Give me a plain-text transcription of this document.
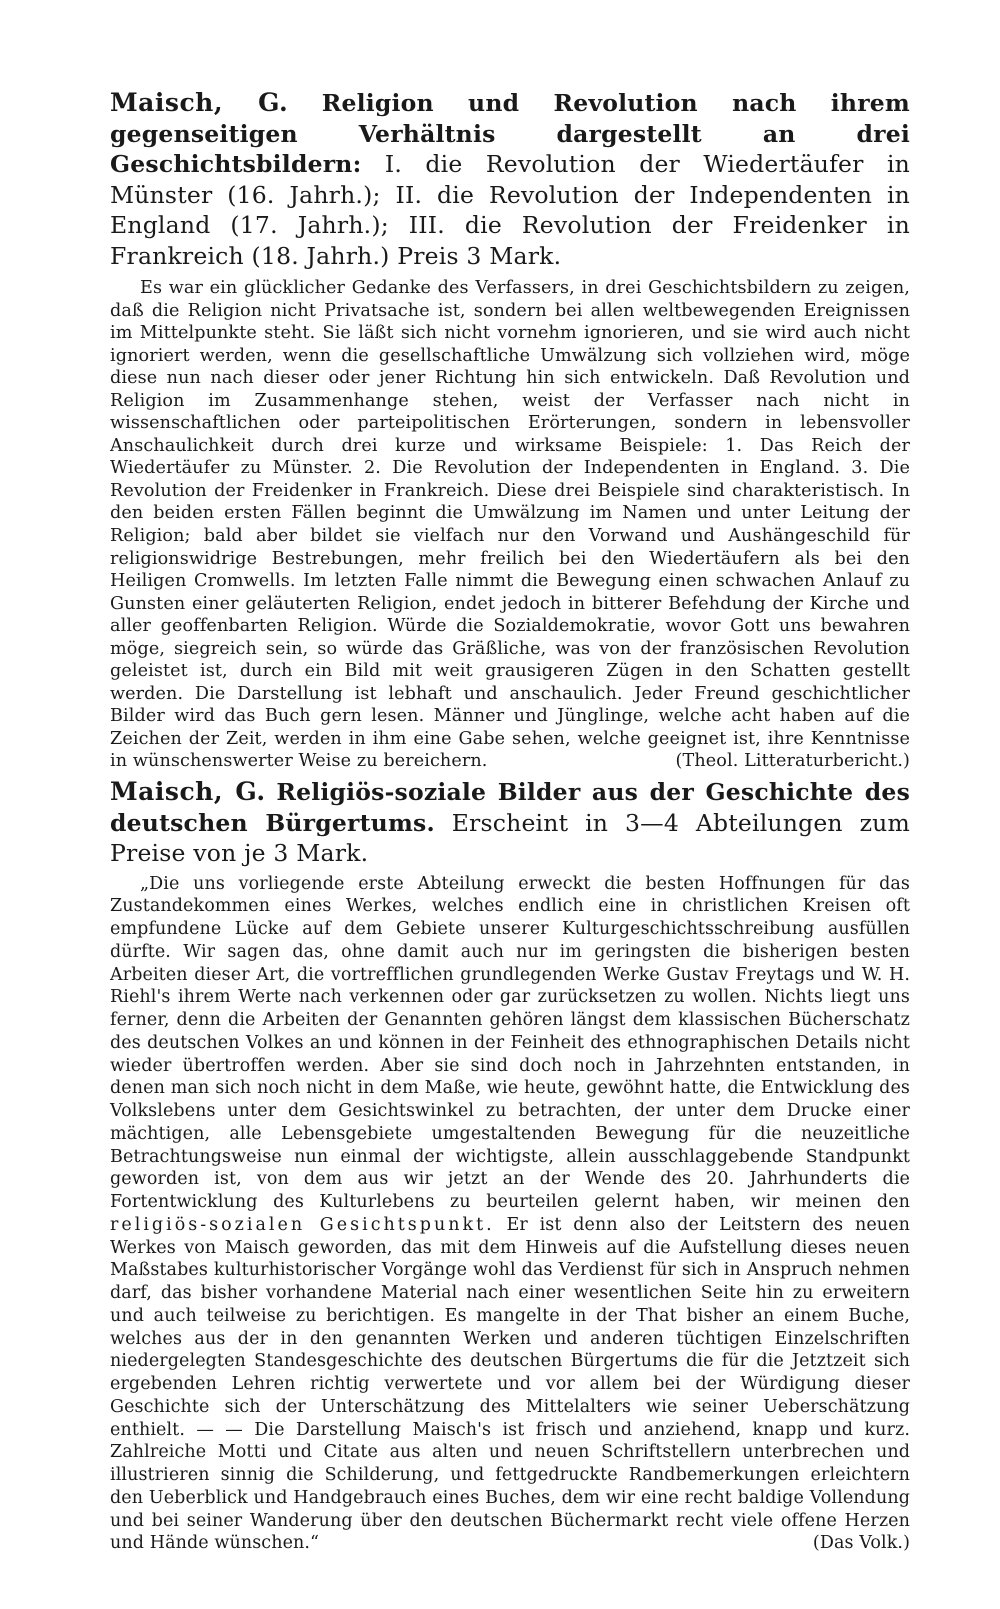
Maisch, G. Religion und Revolution nach ihrem gegenseitigen Verhältnis dargestellt an drei Geschichtsbildern: I. die Revolution der Wiedertäufer in Münster (16. Jahrh.); II. die Revolution der Independenten in England (17. Jahrh.); III. die Revolution der Freidenker in Frankreich (18. Jahrh.) Preis 3 Mark.

Es war ein glücklicher Gedanke des Verfassers, in drei Geschichtsbildern zu zeigen, daß die Religion nicht Privatsache ist, sondern bei allen weltbewegenden Ereignissen im Mittelpunkte steht. Sie läßt sich nicht vornehm ignorieren, und sie wird auch nicht ignoriert werden, wenn die gesellschaftliche Umwälzung sich vollziehen wird, möge diese nun nach dieser oder jener Richtung hin sich entwickeln. Daß Revolution und Religion im Zusammenhange stehen, weist der Verfasser nach nicht in wissenschaftlichen oder parteipolitischen Erörterungen, sondern in lebensvoller Anschaulichkeit durch drei kurze und wirksame Beispiele: 1. Das Reich der Wiedertäufer zu Münster. 2. Die Revolution der Independenten in England. 3. Die Revolution der Freidenker in Frankreich. Diese drei Beispiele sind charakteristisch. In den beiden ersten Fällen beginnt die Umwälzung im Namen und unter Leitung der Religion; bald aber bildet sie vielfach nur den Vorwand und Aushängeschild für religionswidrige Bestrebungen, mehr freilich bei den Wiedertäufern als bei den Heiligen Cromwells. Im letzten Falle nimmt die Bewegung einen schwachen Anlauf zu Gunsten einer geläuterten Religion, endet jedoch in bitterer Befehdung der Kirche und aller geoffenbarten Religion. Würde die Sozialdemokratie, wovor Gott uns bewahren möge, siegreich sein, so würde das Gräßliche, was von der französischen Revolution geleistet ist, durch ein Bild mit weit grausigeren Zügen in den Schatten gestellt werden. Die Darstellung ist lebhaft und anschaulich. Jeder Freund geschichtlicher Bilder wird das Buch gern lesen. Männer und Jünglinge, welche acht haben auf die Zeichen der Zeit, werden in ihm eine Gabe sehen, welche geeignet ist, ihre Kenntnisse in wünschenswerter Weise zu bereichern.	(Theol. Litteraturbericht.)

Maisch, G. Religiös-soziale Bilder aus der Geschichte des deutschen Bürgertums. Erscheint in 3—4 Abteilungen zum Preise von je 3 Mark.

„Die uns vorliegende erste Abteilung erweckt die besten Hoffnungen für das Zustandekommen eines Werkes, welches endlich eine in christlichen Kreisen oft empfundene Lücke auf dem Gebiete unserer Kulturgeschichtsschreibung ausfüllen dürfte. Wir sagen das, ohne damit auch nur im geringsten die bisherigen besten Arbeiten dieser Art, die vortrefflichen grundlegenden Werke Gustav Freytags und W. H. Riehl's ihrem Werte nach verkennen oder gar zurücksetzen zu wollen. Nichts liegt uns ferner, denn die Arbeiten der Genannten gehören längst dem klassischen Bücherschatz des deutschen Volkes an und können in der Feinheit des ethnographischen Details nicht wieder übertroffen werden. Aber sie sind doch noch in Jahrzehnten entstanden, in denen man sich noch nicht in dem Maße, wie heute, gewöhnt hatte, die Entwicklung des Volkslebens unter dem Gesichtswinkel zu betrachten, der unter dem Drucke einer mächtigen, alle Lebensgebiete umgestaltenden Bewegung für die neuzeitliche Betrachtungsweise nun einmal der wichtigste, allein ausschlaggebende Standpunkt geworden ist, von dem aus wir jetzt an der Wende des 20. Jahrhunderts die Fortentwicklung des Kulturlebens zu beurteilen gelernt haben, wir meinen den religiös-sozialen Gesichtspunkt. Er ist denn also der Leitstern des neuen Werkes von Maisch geworden, das mit dem Hinweis auf die Aufstellung dieses neuen Maßstabes kulturhistorischer Vorgänge wohl das Verdienst für sich in Anspruch nehmen darf, das bisher vorhandene Material nach einer wesentlichen Seite hin zu erweitern und auch teilweise zu berichtigen. Es mangelte in der That bisher an einem Buche, welches aus der in den genannten Werken und anderen tüchtigen Einzelschriften niedergelegten Standesgeschichte des deutschen Bürgertums die für die Jetztzeit sich ergebenden Lehren richtig verwertete und vor allem bei der Würdigung dieser Geschichte sich der Unterschätzung des Mittelalters wie seiner Ueberschätzung enthielt. — — Die Darstellung Maisch's ist frisch und anziehend, knapp und kurz. Zahlreiche Motti und Citate aus alten und neuen Schriftstellern unterbrechen und illustrieren sinnig die Schilderung, und fettgedruckte Randbemerkungen erleichtern den Ueberblick und Handgebrauch eines Buches, dem wir eine recht baldige Vollendung und bei seiner Wanderung über den deutschen Büchermarkt recht viele offene Herzen und Hände wünschen.“	(Das Volk.)
